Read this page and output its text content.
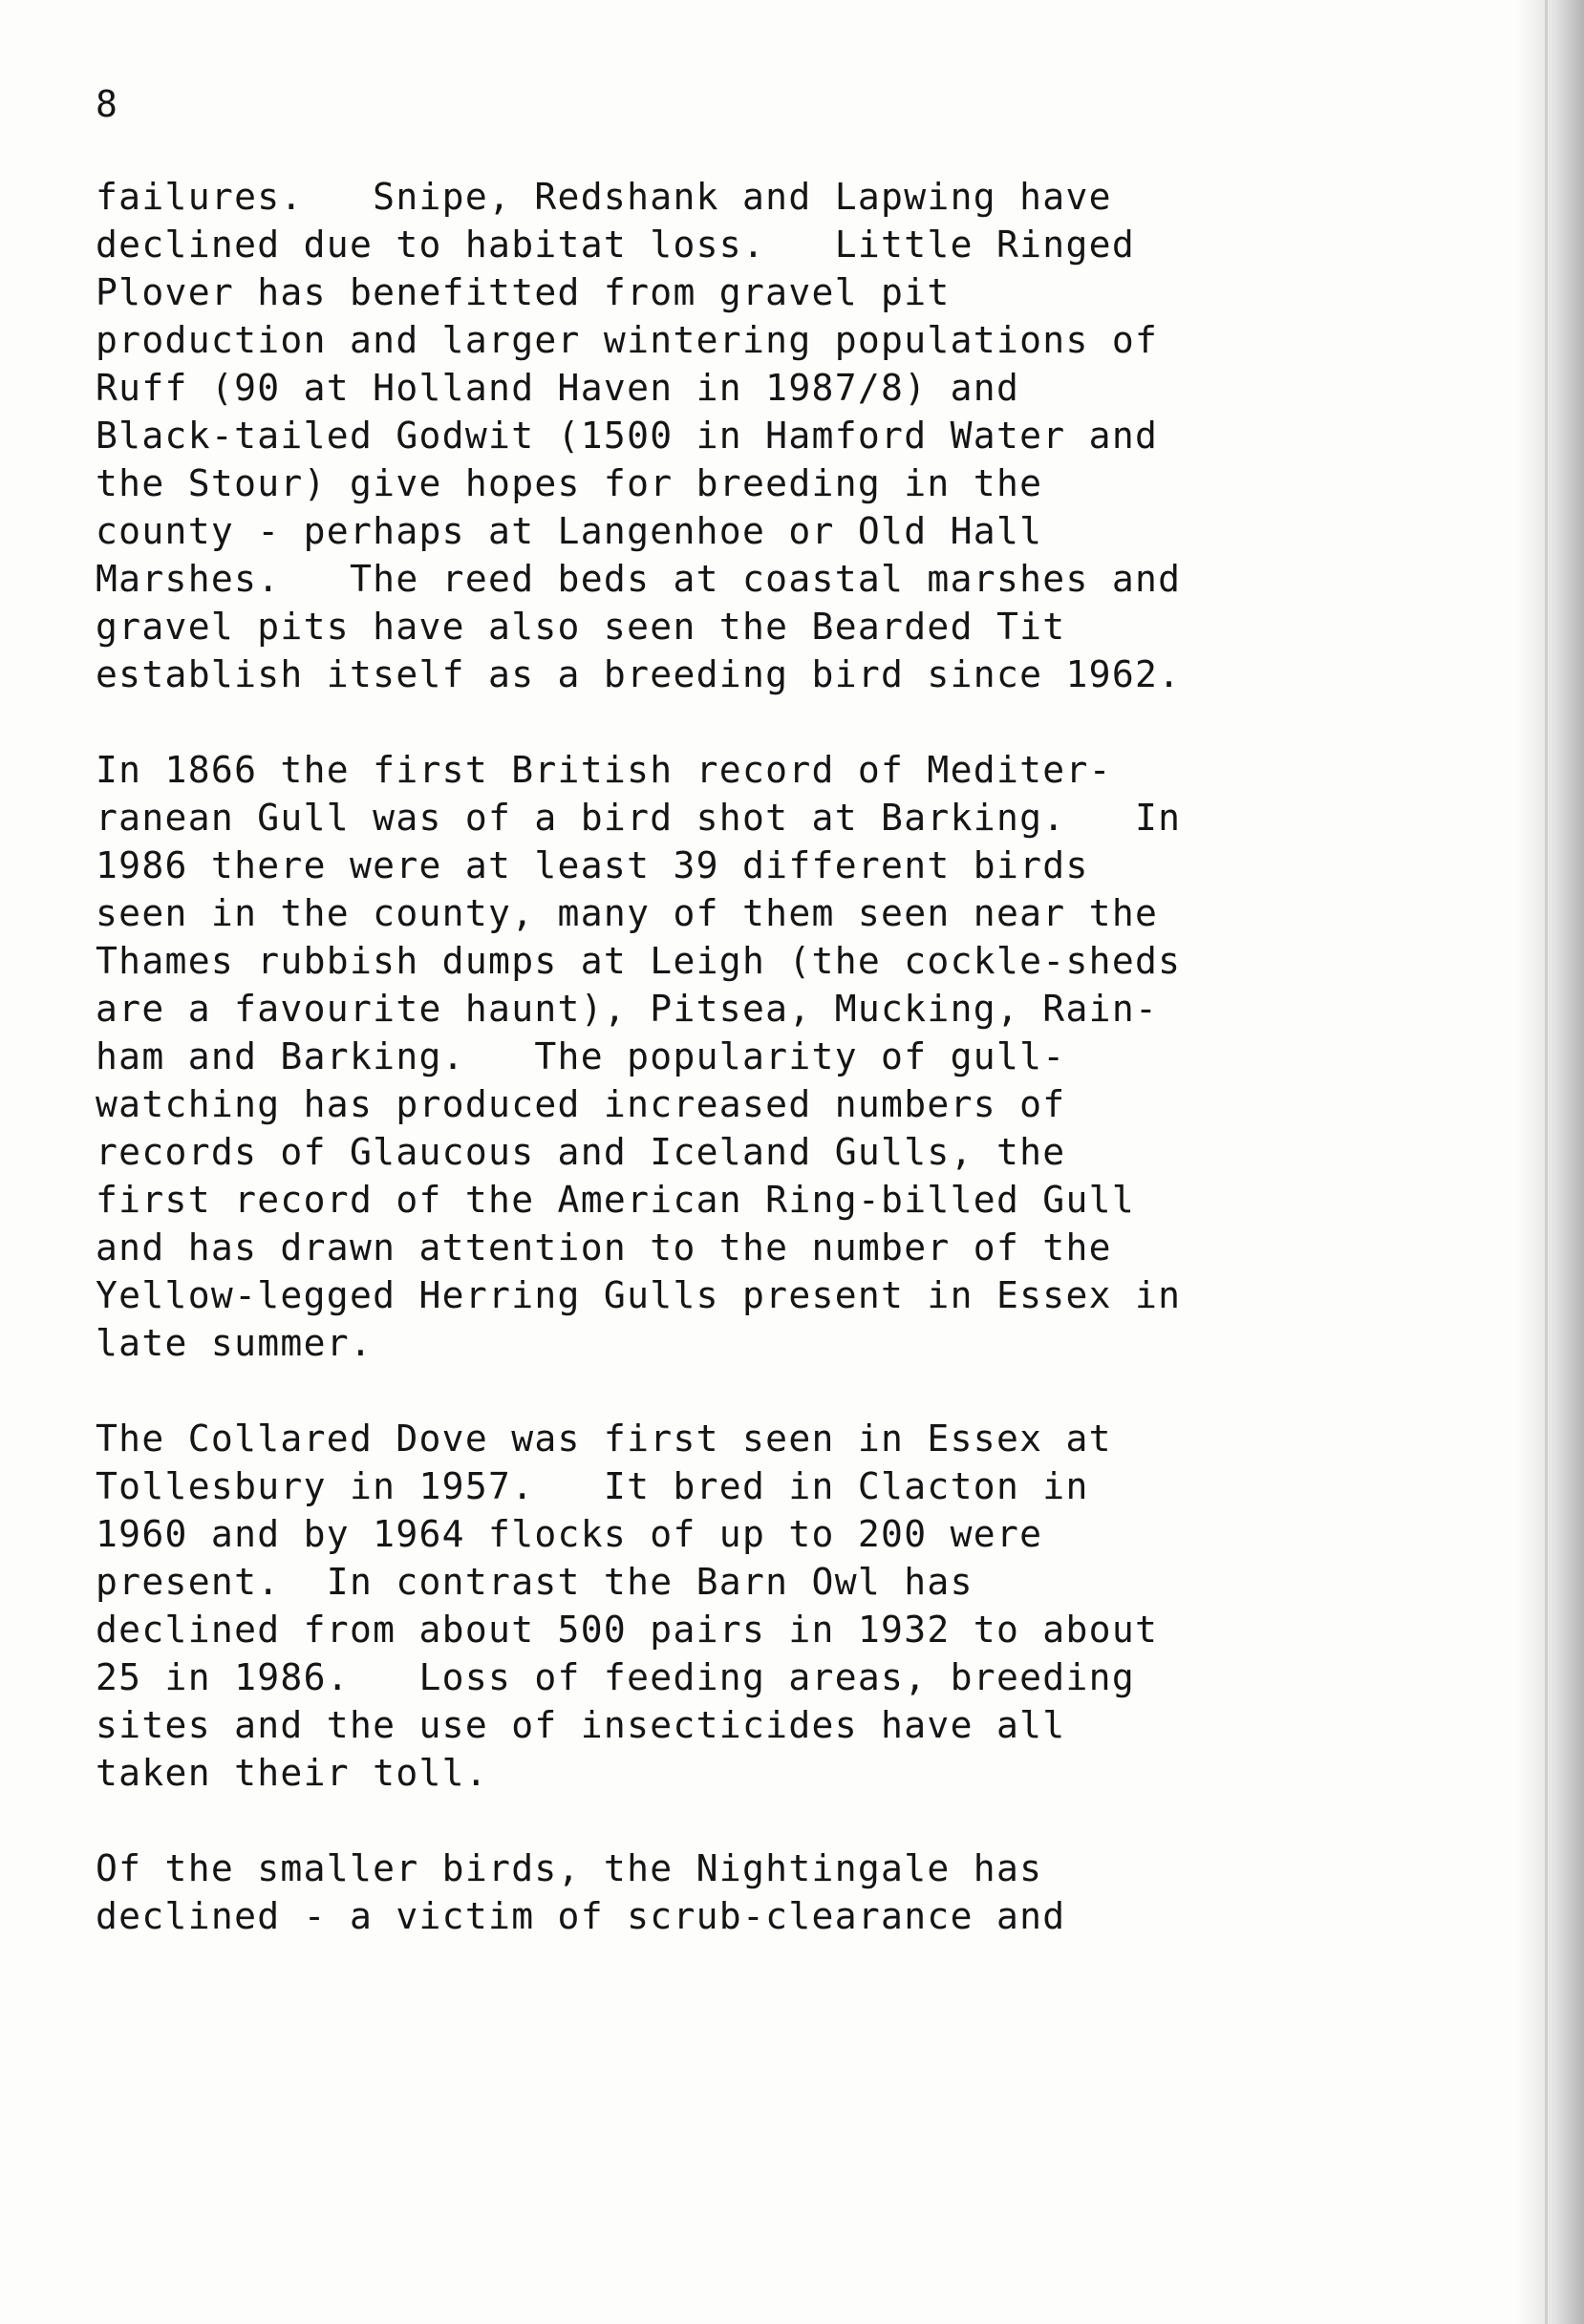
8

failures.   Snipe, Redshank and Lapwing have
declined due to habitat loss.   Little Ringed
Plover has benefitted from gravel pit
production and larger wintering populations of
Ruff (90 at Holland Haven in 1987/8) and
Black-tailed Godwit (1500 in Hamford Water and
the Stour) give hopes for breeding in the
county - perhaps at Langenhoe or Old Hall
Marshes.   The reed beds at coastal marshes and
gravel pits have also seen the Bearded Tit
establish itself as a breeding bird since 1962.
In 1866 the first British record of Mediter-
ranean Gull was of a bird shot at Barking.   In
1986 there were at least 39 different birds
seen in the county, many of them seen near the
Thames rubbish dumps at Leigh (the cockle-sheds
are a favourite haunt), Pitsea, Mucking, Rain-
ham and Barking.   The popularity of gull-
watching has produced increased numbers of
records of Glaucous and Iceland Gulls, the
first record of the American Ring-billed Gull
and has drawn attention to the number of the
Yellow-legged Herring Gulls present in Essex in
late summer.
The Collared Dove was first seen in Essex at
Tollesbury in 1957.   It bred in Clacton in
1960 and by 1964 flocks of up to 200 were
present.  In contrast the Barn Owl has
declined from about 500 pairs in 1932 to about
25 in 1986.   Loss of feeding areas, breeding
sites and the use of insecticides have all
taken their toll.
Of the smaller birds, the Nightingale has
declined - a victim of scrub-clearance and
